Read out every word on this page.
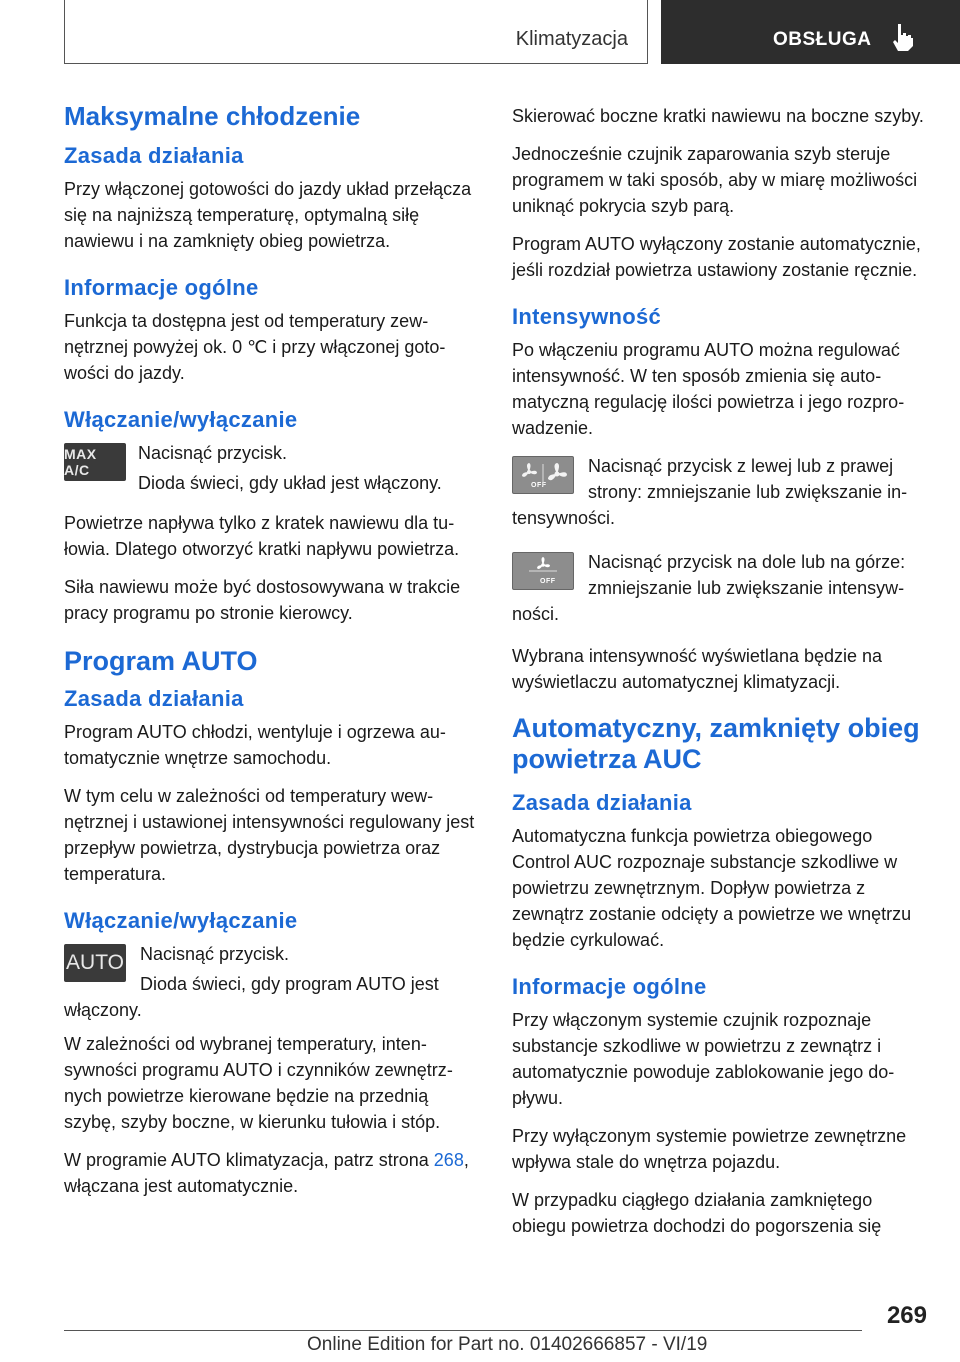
Klimatyzacja	OBSŁUGA
Maksymalne chłodzenie
Zasada działania

Przy włączonej gotowości do jazdy układ przełącza się na najniższą temperaturę, optymalną siłę nawiewu i na zamknięty obieg powietrza.

Informacje ogólne

Funkcja ta dostępna jest od temperatury zewnętrznej powyżej ok. 0 ℃ i przy włączonej gotowości do jazdy.

Włączanie/wyłączanie
MAX A/C

Nacisnąć przycisk.

Dioda świeci, gdy układ jest włączony.

Powietrze napływa tylko z kratek nawiewu dla tułowia. Dlatego otworzyć kratki napływu powietrza.

Siła nawiewu może być dostosowywana w trakcie pracy programu po stronie kierowcy.

Program AUTO
Zasada działania

Program AUTO chłodzi, wentyluje i ogrzewa automatycznie wnętrze samochodu.

W tym celu w zależności od temperatury wewnętrznej i ustawionej intensywności regulowany jest przepływ powietrza, dystrybucja powietrza oraz temperatura.

Włączanie/wyłączanie
AUTO Nacisnąć przycisk.

Dioda świeci, gdy program AUTO jest włączony.

W zależności od wybranej temperatury, intensywności programu AUTO i czynników zewnętrznych powietrze kierowane będzie na przednią szybę, szyby boczne, w kierunku tułowia i stóp.

W programie AUTO klimatyzacja, patrz strona 268, włączana jest automatycznie.

Skierować boczne kratki nawiewu na boczne szyby.

Jednocześnie czujnik zaparowania szyb steruje programem w taki sposób, aby w miarę możliwości uniknąć pokrycia szyb parą.

Program AUTO wyłączony zostanie automatycznie, jeśli rozdział powietrza ustawiony zostanie ręcznie.

Intensywność

Po włączeniu programu AUTO można regulować intensywność. W ten sposób zmienia się automatyczną regulację ilości powietrza i jego rozprowadzenie.

OFF

Nacisnąć przycisk z lewej lub z prawej strony: zmniejszanie lub zwiększanie intensywności.

OFF

Nacisnąć przycisk na dole lub na górze: zmniejszanie lub zwiększanie intensywności.

Wybrana intensywność wyświetlana będzie na wyświetlaczu automatycznej klimatyzacji.

Automatyczny, zamknięty obieg powietrza AUC
Zasada działania

Automatyczna funkcja powietrza obiegowego Control AUC rozpoznaje substancje szkodliwe w powietrzu zewnętrznym. Dopływ powietrza z zewnątrz zostanie odcięty a powietrze we wnętrzu będzie cyrkulować.

Informacje ogólne

Przy włączonym systemie czujnik rozpoznaje substancje szkodliwe w powietrzu z zewnątrz i automatycznie powoduje zablokowanie jego dopływu.

Przy wyłączonym systemie powietrze zewnętrzne wpływa stale do wnętrza pojazdu.

W przypadku ciągłego działania zamkniętego obiegu powietrza dochodzi do pogorszenia się

269
Online Edition for Part no. 01402666857 - VI/19
